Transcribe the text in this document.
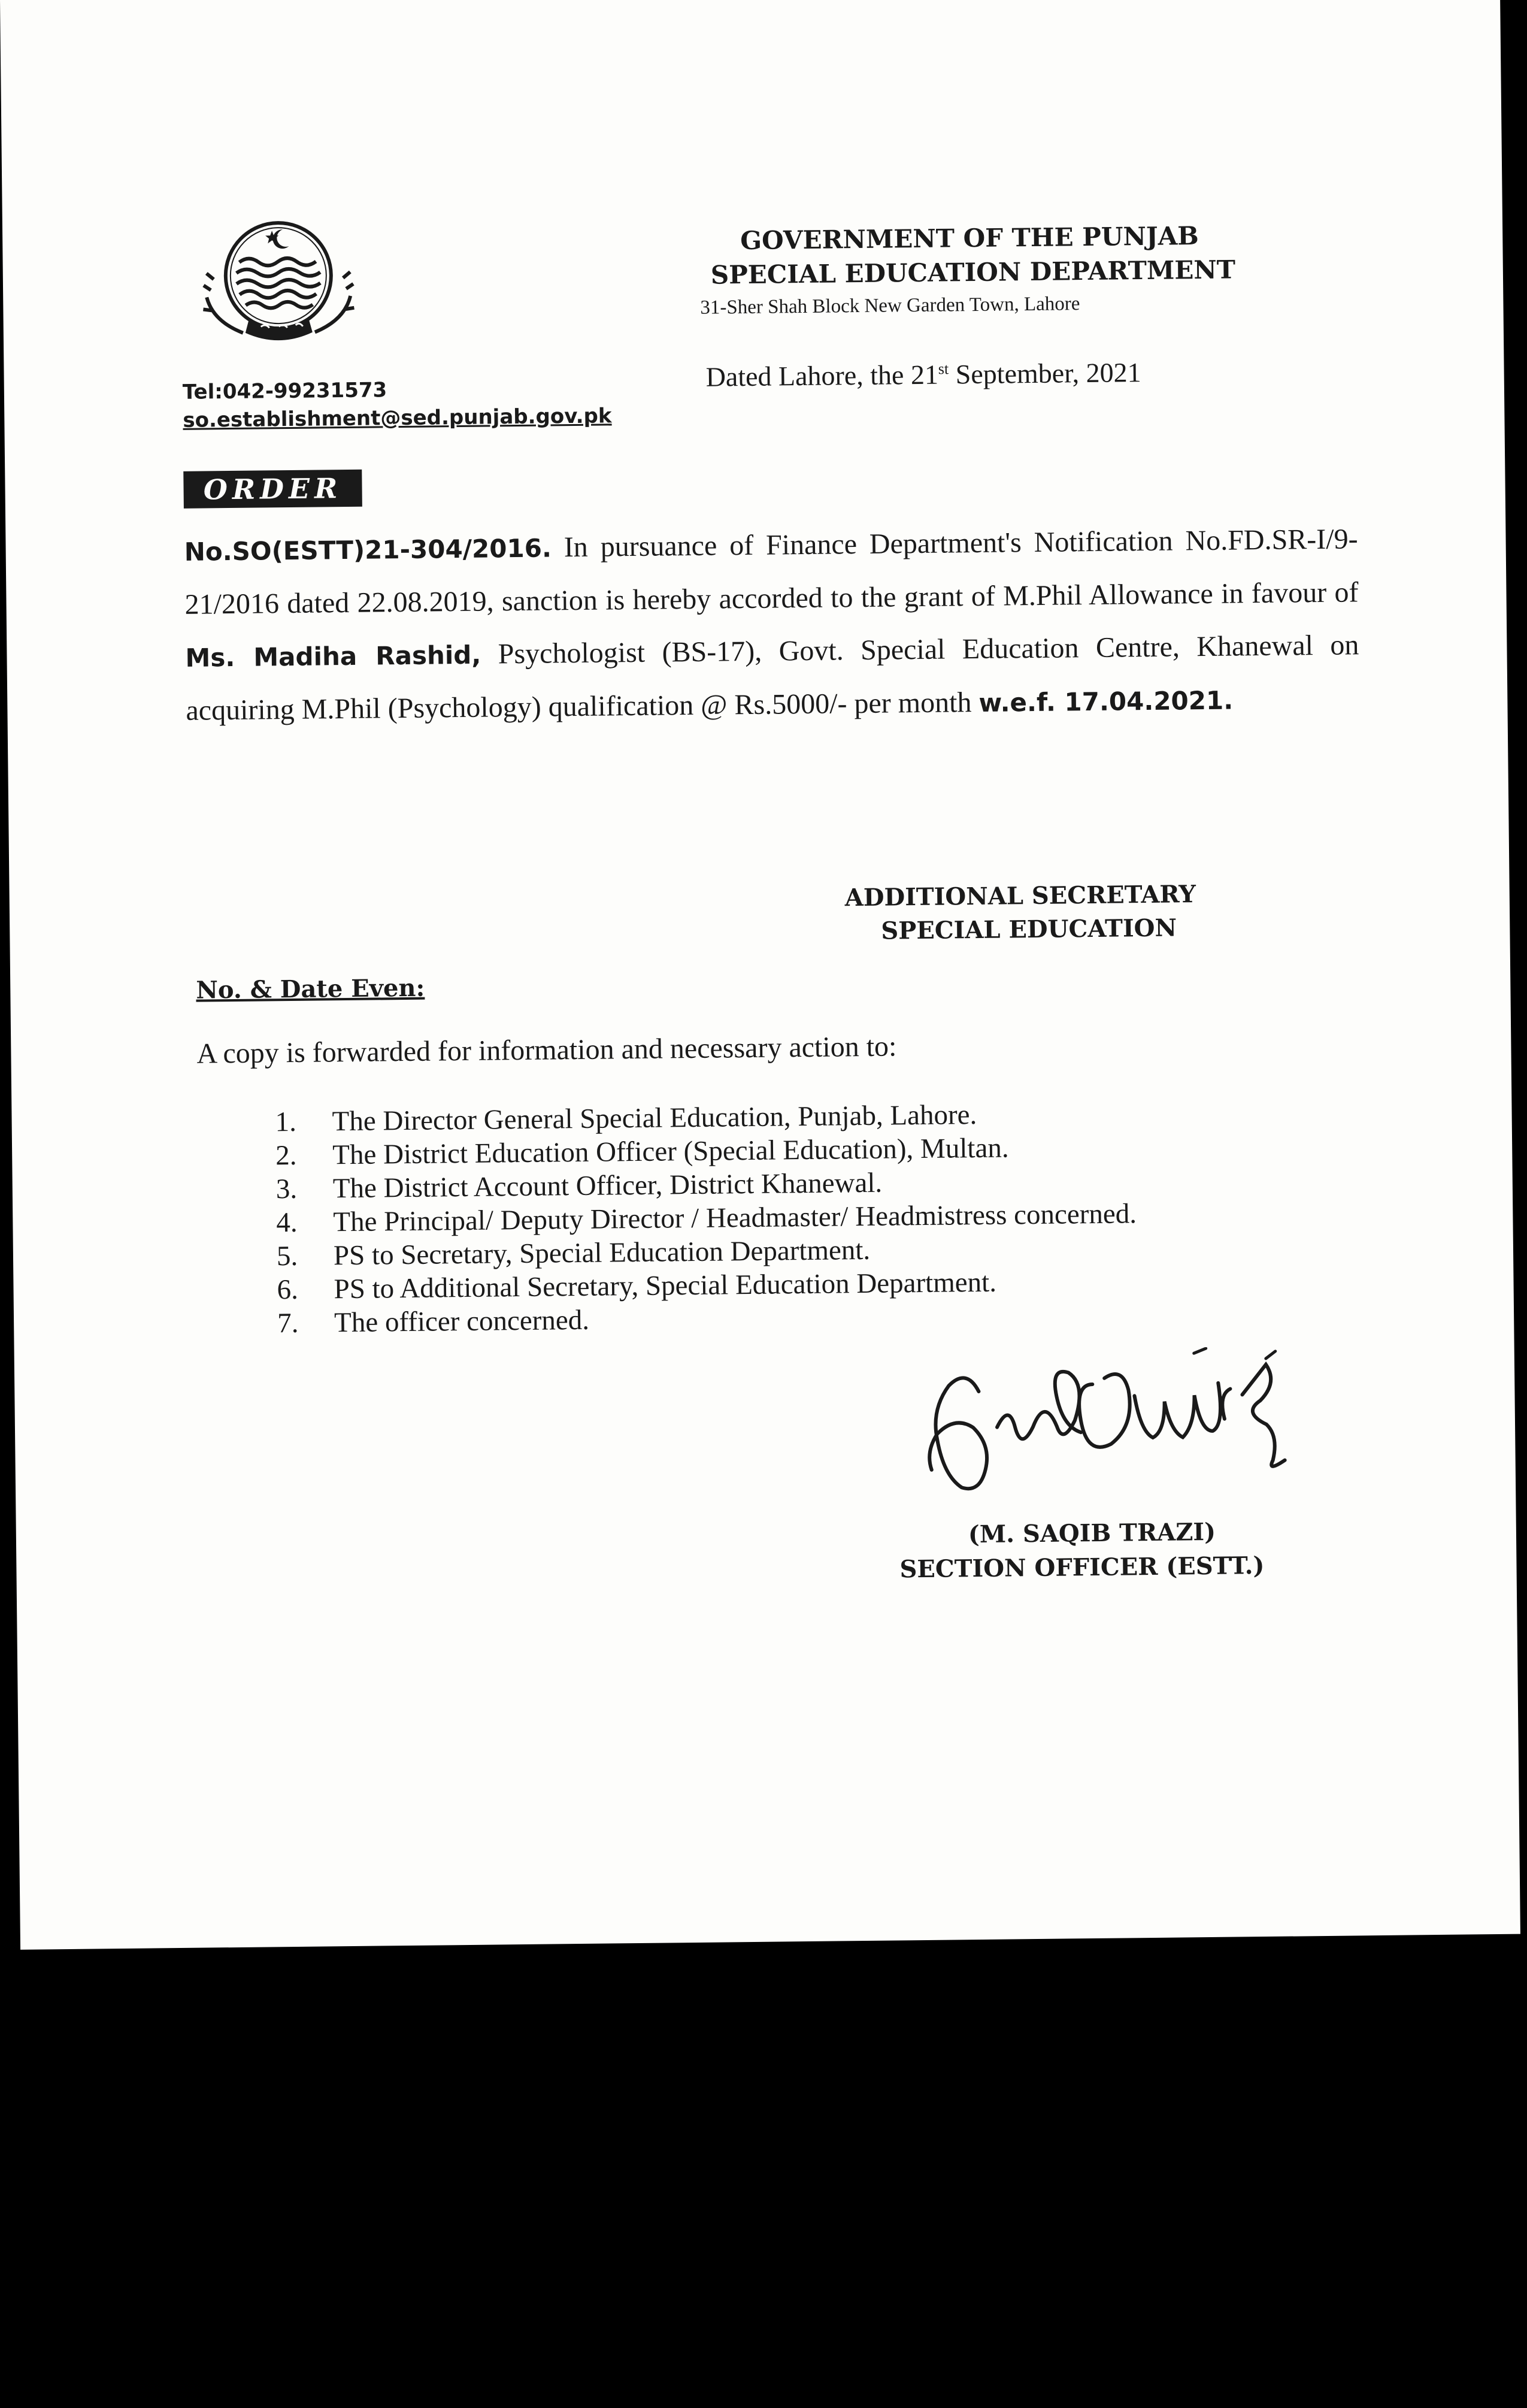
Tel:042-99231573
so.establishment@sed.punjab.gov.pk
GOVERNMENT OF THE PUNJAB
SPECIAL EDUCATION DEPARTMENT
31-Sher Shah Block New Garden Town, Lahore
Dated Lahore, the 21st September, 2021
ORDER
No.SO(ESTT)21-304/2016. In pursuance of Finance Department's Notification No.FD.SR-I/9-21/2016 dated 22.08.2019, sanction is hereby accorded to the grant of M.Phil Allowance in favour of Ms. Madiha Rashid, Psychologist (BS-17), Govt. Special Education Centre, Khanewal on acquiring M.Phil (Psychology) qualification @ Rs.5000/- per month w.e.f. 17.04.2021.
ADDITIONAL SECRETARY
SPECIAL EDUCATION
No. & Date Even:
A copy is forwarded for information and necessary action to:
1. The Director General Special Education, Punjab, Lahore.
2. The District Education Officer (Special Education), Multan.
3. The District Account Officer, District Khanewal.
4. The Principal/ Deputy Director / Headmaster/ Headmistress concerned.
5. PS to Secretary, Special Education Department.
6. PS to Additional Secretary, Special Education Department.
7. The officer concerned.
(M. SAQIB TRAZI)
SECTION OFFICER (ESTT.)
